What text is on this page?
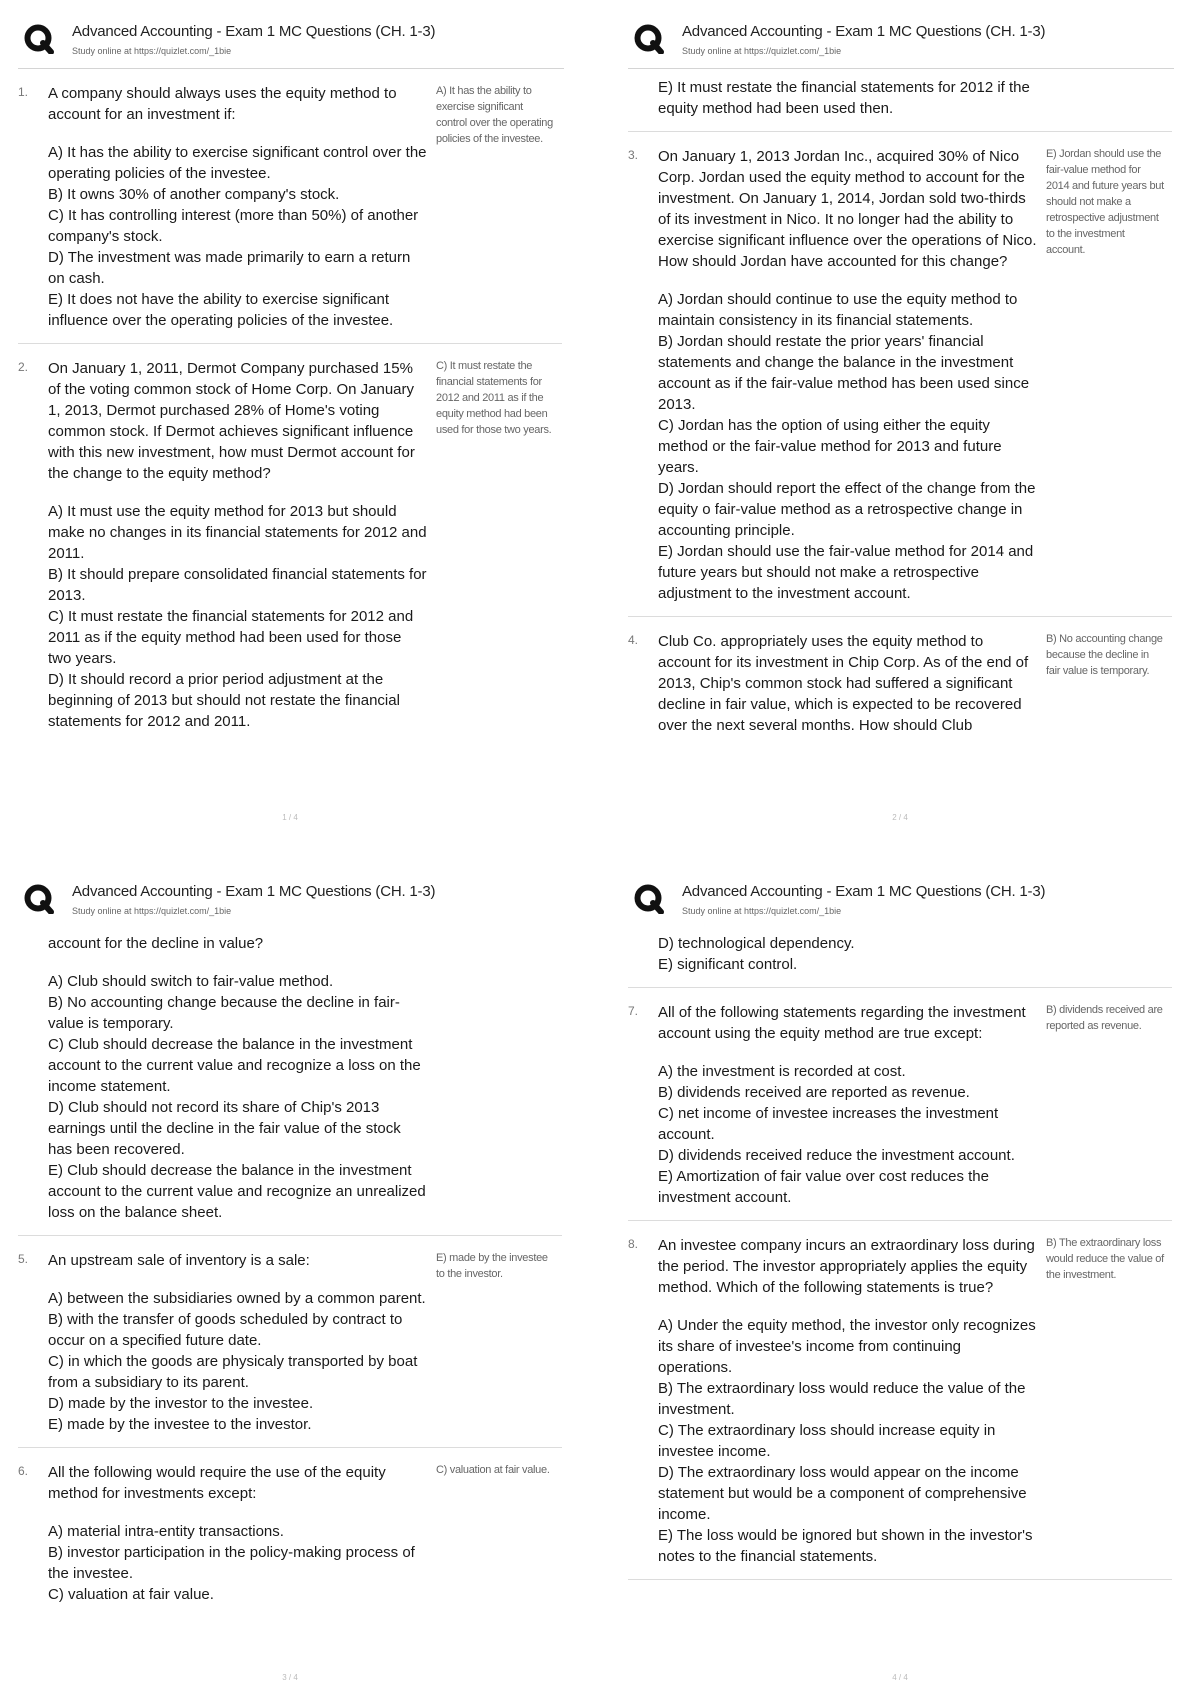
Advanced Accounting - Exam 1 MC Questions (CH. 1-3)
Study online at https://quizlet.com/_1bie
1.	A company should always uses the equity method to account for an investment if:
A) It has the ability to exercise significant control over the operating policies of the investee.
B) It owns 30% of another company's stock.
C) It has controlling interest (more than 50%) of another company's stock.
D) The investment was made primarily to earn a return on cash.
E) It does not have the ability to exercise significant influence over the operating policies of the investee.
A) It has the ability to exercise significant control over the operating policies of the investee.
2.	On January 1, 2011, Dermot Company purchased 15% of the voting common stock of Home Corp. On January 1, 2013, Dermot purchased 28% of Home's voting common stock. If Dermot achieves significant influence with this new investment, how must Dermot account for the change to the equity method?
A) It must use the equity method for 2013 but should make no changes in its financial statements for 2012 and 2011.
B) It should prepare consolidated financial statements for 2013.
C) It must restate the financial statements for 2012 and 2011 as if the equity method had been used for those two years.
D) It should record a prior period adjustment at the beginning of 2013 but should not restate the financial statements for 2012 and 2011.
C) It must restate the financial statements for 2012 and 2011 as if the equity method had been used for those two years.
1 / 4
Advanced Accounting - Exam 1 MC Questions (CH. 1-3)
Study online at https://quizlet.com/_1bie
E) It must restate the financial statements for 2012 if the equity method had been used then.
3.	On January 1, 2013 Jordan Inc., acquired 30% of Nico Corp. Jordan used the equity method to account for the investment. On January 1, 2014, Jordan sold two-thirds of its investment in Nico. It no longer had the ability to exercise significant influence over the operations of Nico. How should Jordan have accounted for this change?
A) Jordan should continue to use the equity method to maintain consistency in its financial statements.
B) Jordan should restate the prior years' financial statements and change the balance in the investment account as if the fair-value method has been used since 2013.
C) Jordan has the option of using either the equity method or the fair-value method for 2013 and future years.
D) Jordan should report the effect of the change from the equity o fair-value method as a retrospective change in accounting principle.
E) Jordan should use the fair-value method for 2014 and future years but should not make a retrospective adjustment to the investment account.
E) Jordan should use the fair-value method for 2014 and future years but should not make a retrospective adjustment to the investment account.
4.	Club Co. appropriately uses the equity method to account for its investment in Chip Corp. As of the end of 2013, Chip's common stock had suffered a significant decline in fair value, which is expected to be recovered over the next several months. How should Club
B) No accounting change because the decline in fair value is temporary.
2 / 4
Advanced Accounting - Exam 1 MC Questions (CH. 1-3)
Study online at https://quizlet.com/_1bie
account for the decline in value?
A) Club should switch to fair-value method.
B) No accounting change because the decline in fair-value is temporary.
C) Club should decrease the balance in the investment account to the current value and recognize a loss on the income statement.
D) Club should not record its share of Chip's 2013 earnings until the decline in the fair value of the stock has been recovered.
E) Club should decrease the balance in the investment account to the current value and recognize an unrealized loss on the balance sheet.
5.	An upstream sale of inventory is a sale:
A) between the subsidiaries owned by a common parent.
B) with the transfer of goods scheduled by contract to occur on a specified future date.
C) in which the goods are physicaly transported by boat from a subsidiary to its parent.
D) made by the investor to the investee.
E) made by the investee to the investor.
E) made by the investee to the investor.
6.	All the following would require the use of the equity method for investments except:
A) material intra-entity transactions.
B) investor participation in the policy-making process of the investee.
C) valuation at fair value.
C) valuation at fair value.
3 / 4
Advanced Accounting - Exam 1 MC Questions (CH. 1-3)
Study online at https://quizlet.com/_1bie
D) technological dependency.
E) significant control.
7.	All of the following statements regarding the investment account using the equity method are true except:
A) the investment is recorded at cost.
B) dividends received are reported as revenue.
C) net income of investee increases the investment account.
D) dividends received reduce the investment account.
E) Amortization of fair value over cost reduces the investment account.
B) dividends received are reported as revenue.
8.	An investee company incurs an extraordinary loss during the period. The investor appropriately applies the equity method. Which of the following statements is true?
A) Under the equity method, the investor only recognizes its share of investee's income from continuing operations.
B) The extraordinary loss would reduce the value of the investment.
C) The extraordinary loss should increase equity in investee income.
D) The extraordinary loss would appear on the income statement but would be a component of comprehensive income.
E) The loss would be ignored but shown in the investor's notes to the financial statements.
B) The extraordinary loss would reduce the value of the investment.
4 / 4
